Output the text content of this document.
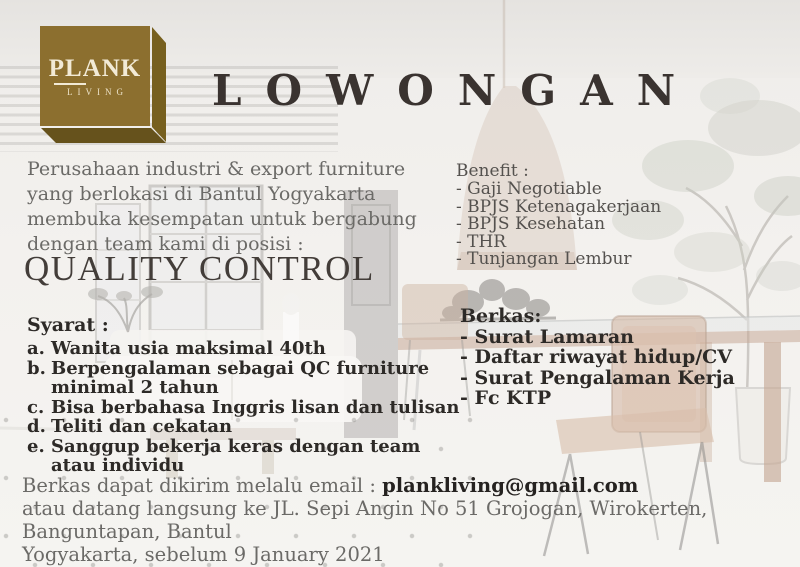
PLANK
LIVING	LOWONGAN
Perusahaan industri & export furniture
yang berlokasi di Bantul Yogyakarta
membuka kesempatan untuk bergabung
dengan team kami di posisi :
QUALITY CONTROL
Syarat :
a. Wanita usia maksimal 40th
b. Berpengalaman sebagai QC furniture
minimal 2 tahun
c. Bisa berbahasa Inggris lisan dan tulisan
d. Teliti dan cekatan
e. Sanggup bekerja keras dengan team
atau individu
Benefit :
- Gaji Negotiable
- BPJS Ketenagakerjaan
- BPJS Kesehatan
- THR
- Tunjangan Lembur
Berkas:
- Surat Lamaran
- Daftar riwayat hidup/CV
- Surat Pengalaman Kerja
- Fc KTP
Berkas dapat dikirim melalu email : plankliving@gmail.com
atau datang langsung ke JL. Sepi Angin No 51 Grojogan, Wirokerten, Banguntapan, Bantul
Yogyakarta, sebelum 9 January 2021
